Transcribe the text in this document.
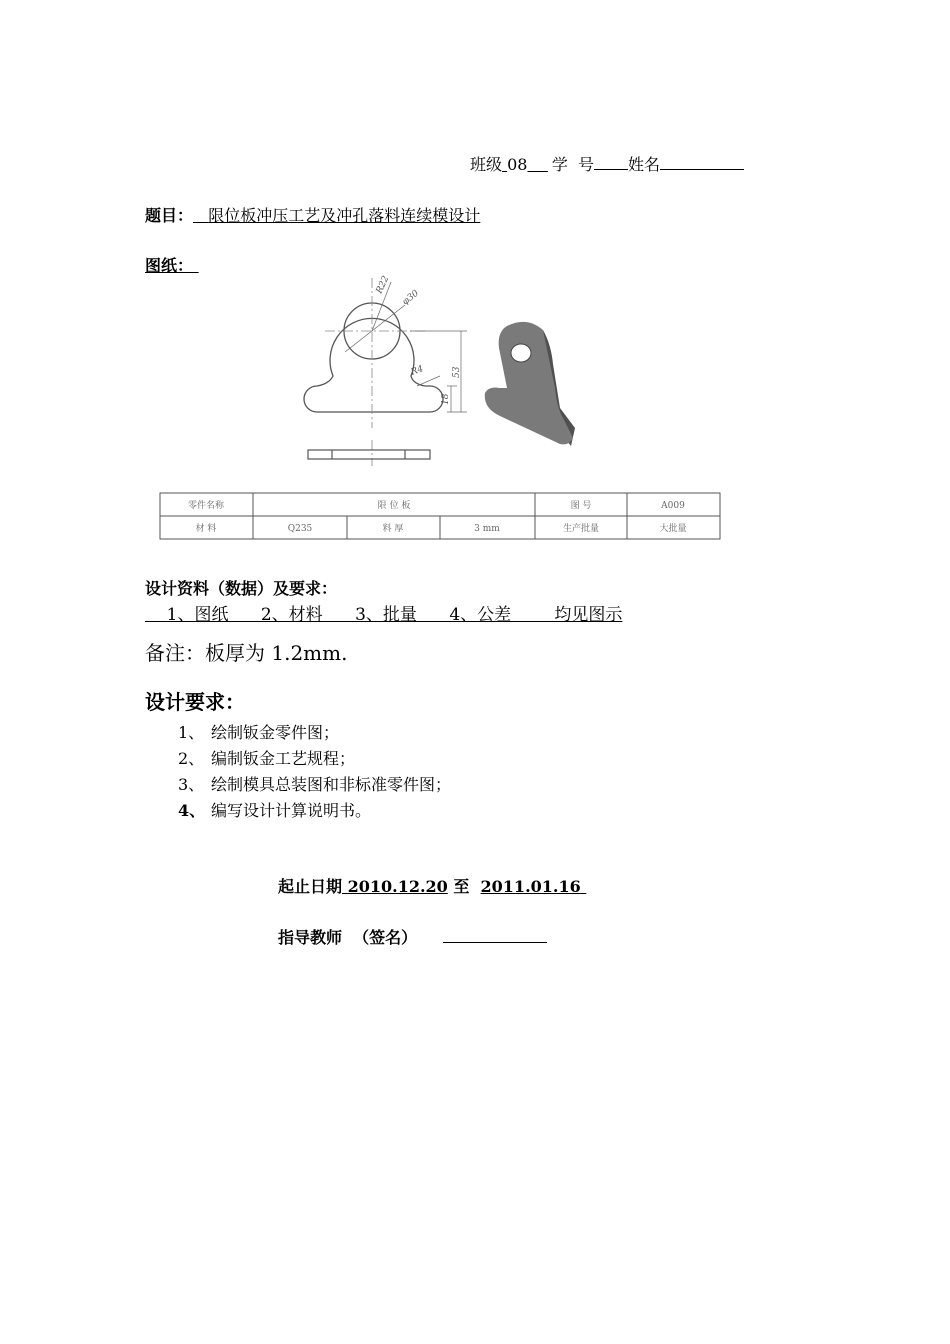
班级 08 学  号 姓名
题目： 限位板冲压工艺及冲孔落料连续模设计
图纸：
R22
φ30
R4	53
18
零件名称	限 位 板	图 号	A009
材 料	Q235	料 厚	3 mm	生产批量	大批量
设计资料（数据）及要求：
1、图纸      2、材料      3、批量      4、公差        均见图示
备注：板厚为 1.2mm.
设计要求：
1、 绘制钣金零件图；
2、 编制钣金工艺规程；
3、 绘制模具总装图和非标准零件图；
4、 编写设计计算说明书。
起止日期 2010.12.20 至 2011.01.16
指导教师  （签名）
